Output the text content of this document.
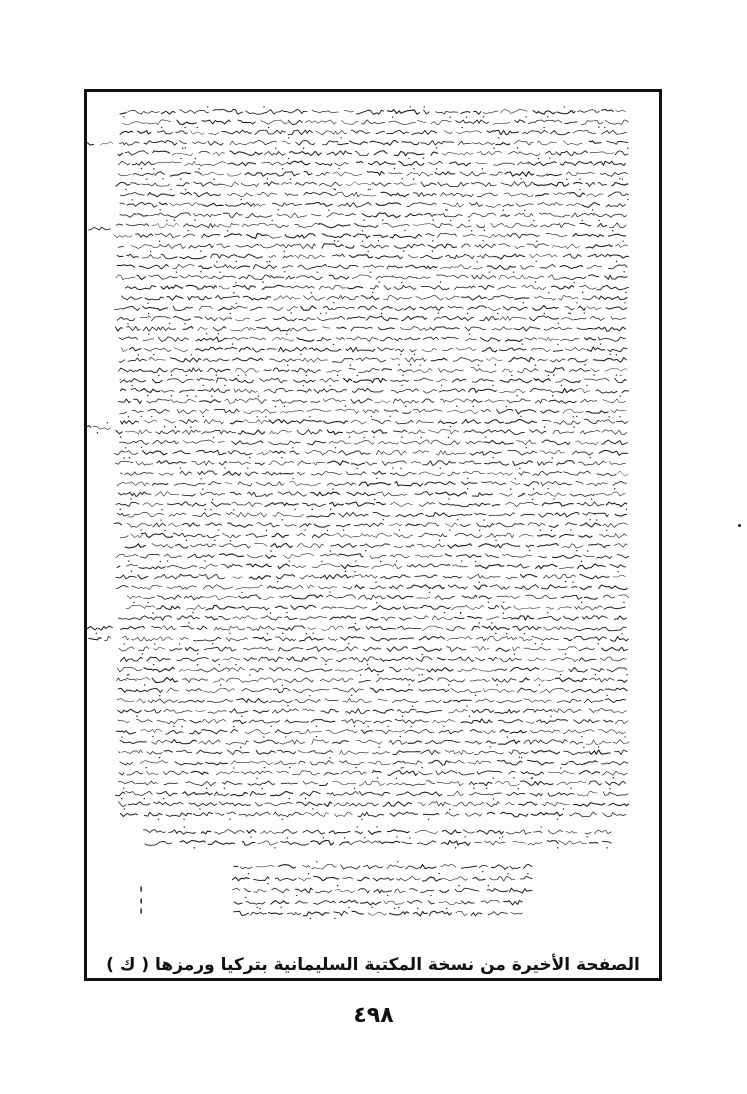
الصفحة الأخيرة من نسخة المكتبة السليمانية بتركيا ورمزها ( ك )
٤٩٨
